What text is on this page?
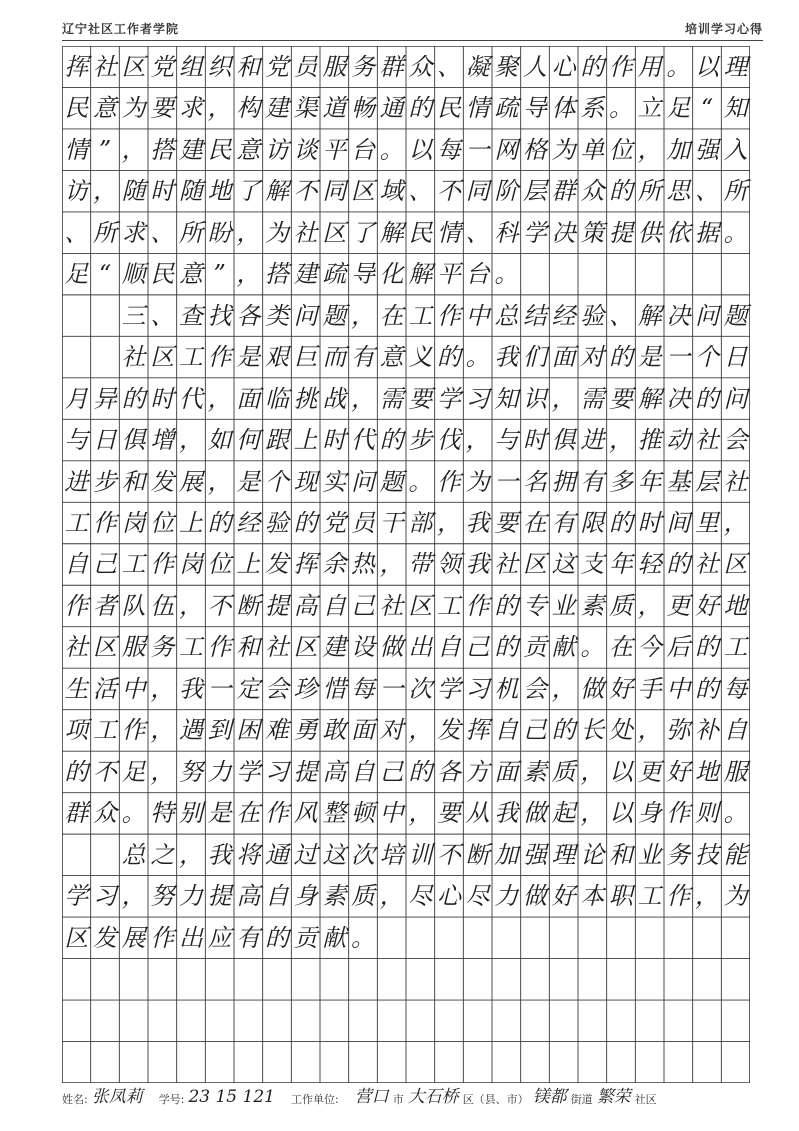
辽宁社区工作者学院	培训学习心得
挥 社 区 党 组 织 和 党 员 服 务 群 众 、 凝 聚 人 心 的 作 用 。 以 理
民 意 为 要 求 ， 构 建 渠 道 畅 通 的 民 情 疏 导 体 系 。 立 足 “ 知
情 ” ， 搭 建 民 意 访 谈 平 台 。 以 每 一 网 格 为 单 位 ， 加 强 入
访 ， 随 时 随 地 了 解 不 同 区 域 、 不 同 阶 层 群 众 的 所 思 、 所
、 所 求 、 所 盼 ， 为 社 区 了 解 民 情 、 科 学 决 策 提 供 依 据 。
足 “ 顺 民 意 ” ， 搭 建 疏 导 化 解 平 台 。

三 、 查 找 各 类 问 题 ， 在 工 作 中 总 结 经 验 、 解 决 问 题

社 区 工 作 是 艰 巨 而 有 意 义 的 。 我 们 面 对 的 是 一 个 日
月 异 的 时 代 ， 面 临 挑 战 ， 需 要 学 习 知 识 ， 需 要 解 决 的 问
与 日 俱 增 ， 如 何 跟 上 时 代 的 步 伐 ， 与 时 俱 进 ， 推 动 社 会
进 步 和 发 展 ， 是 个 现 实 问 题 。 作 为 一 名 拥 有 多 年 基 层 社
工 作 岗 位 上 的 经 验 的 党 员 干 部 ， 我 要 在 有 限 的 时 间 里 ，
自 己 工 作 岗 位 上 发 挥 余 热 ， 带 领 我 社 区 这 支 年 轻 的 社 区
作 者 队 伍 ， 不 断 提 高 自 己 社 区 工 作 的 专 业 素 质 ， 更 好 地
社 区 服 务 工 作 和 社 区 建 设 做 出 自 己 的 贡 献 。 在 今 后 的 工
生 活 中 ， 我 一 定 会 珍 惜 每 一 次 学 习 机 会 ， 做 好 手 中 的 每
项 工 作 ， 遇 到 困 难 勇 敢 面 对 ， 发 挥 自 己 的 长 处 ， 弥 补 自
的 不 足 ， 努 力 学 习 提 高 自 己 的 各 方 面 素 质 ， 以 更 好 地 服
群 众 。 特 别 是 在 作 风 整 顿 中 ， 要 从 我 做 起 ， 以 身 作 则 。

总 之 ， 我 将 通 过 这 次 培 训 不 断 加 强 理 论 和 业 务 技 能
学 习 ， 努 力 提 高 自 身 素 质 ， 尽 心 尽 力 做 好 本 职 工 作 ， 为
区 发 展 作 出 应 有 的 贡 献 。
姓名: 张凤莉 学号: 23 15 121 工作单位: 营口 市 大石桥 区（县、市） 镁都 街道 繁荣 社区
